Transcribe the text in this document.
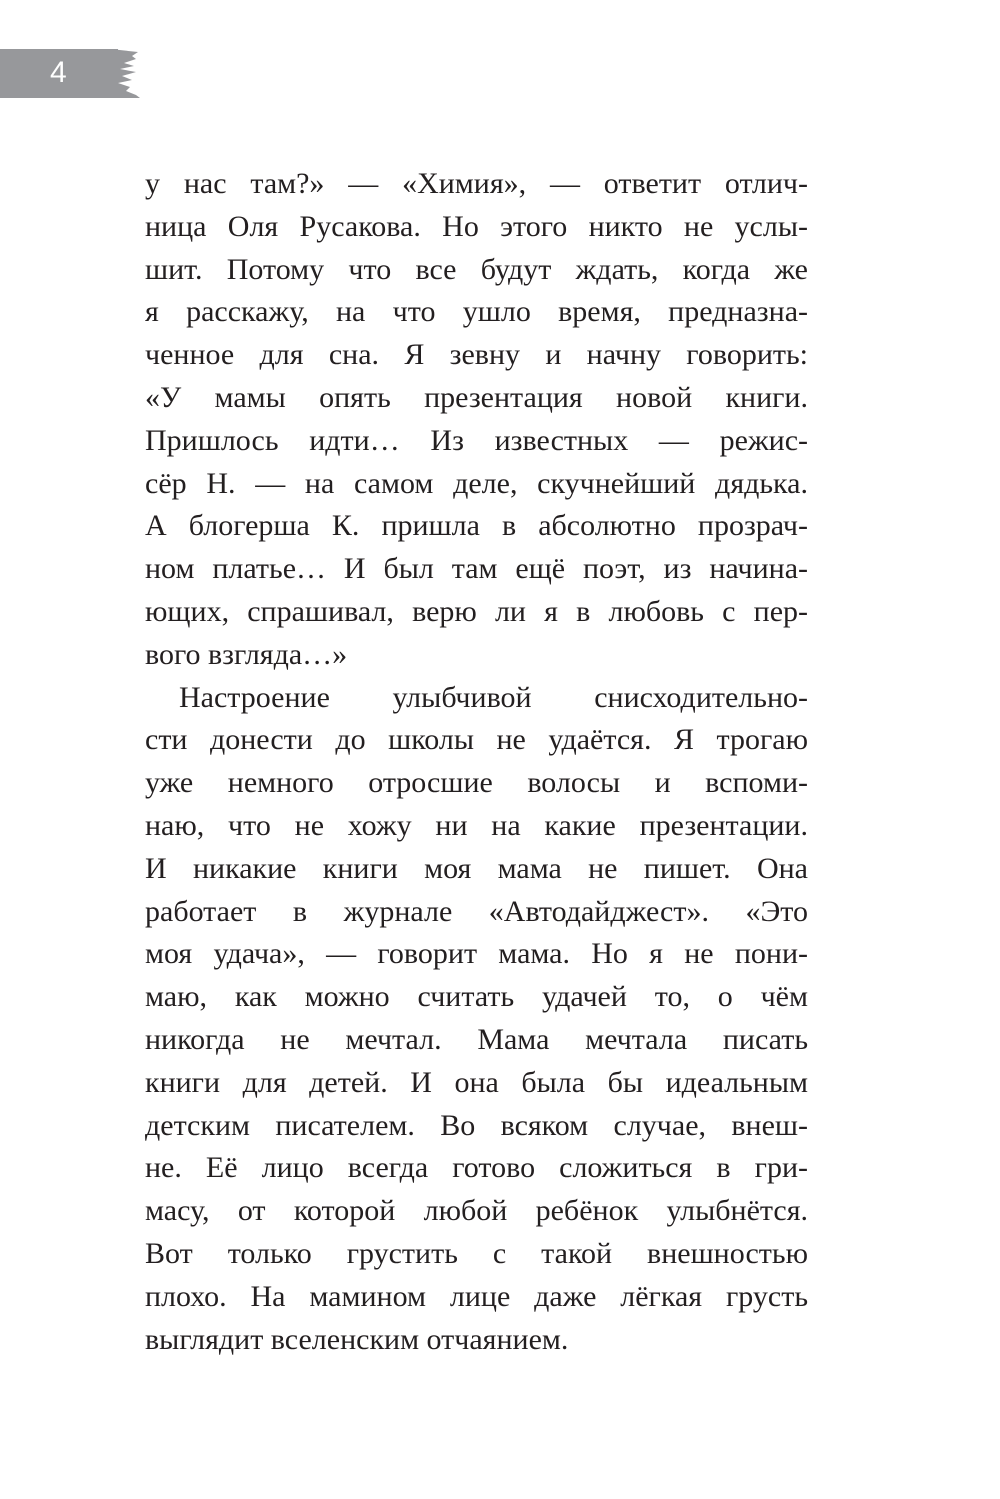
4
у нас там?» — «Химия», — ответит отлич-
ница Оля Русакова. Но этого никто не услы-
шит. Потому что все будут ждать, когда же
я расскажу, на что ушло время, предназна-
ченное для сна. Я зевну и начну говорить:
«У мамы опять презентация новой книги.
Пришлось идти… Из известных — режис-
сёр Н. — на самом деле, скучнейший дядька.
А блогерша К. пришла в абсолютно прозрач-
ном платье… И был там ещё поэт, из начина-
ющих, спрашивал, верю ли я в любовь с пер-
вого взгляда…»
Настроение улыбчивой снисходительно-
сти донести до школы не удаётся. Я трогаю
уже немного отросшие волосы и вспоми-
наю, что не хожу ни на какие презентации.
И никакие книги моя мама не пишет. Она
работает в журнале «Автодайджест». «Это
моя удача», — говорит мама. Но я не пони-
маю, как можно считать удачей то, о чём
никогда не мечтал. Мама мечтала писать
книги для детей. И она была бы идеальным
детским писателем. Во всяком случае, внеш-
не. Её лицо всегда готово сложиться в гри-
масу, от которой любой ребёнок улыбнётся.
Вот только грустить с такой внешностью
плохо. На мамином лице даже лёгкая грусть
выглядит вселенским отчаянием.
